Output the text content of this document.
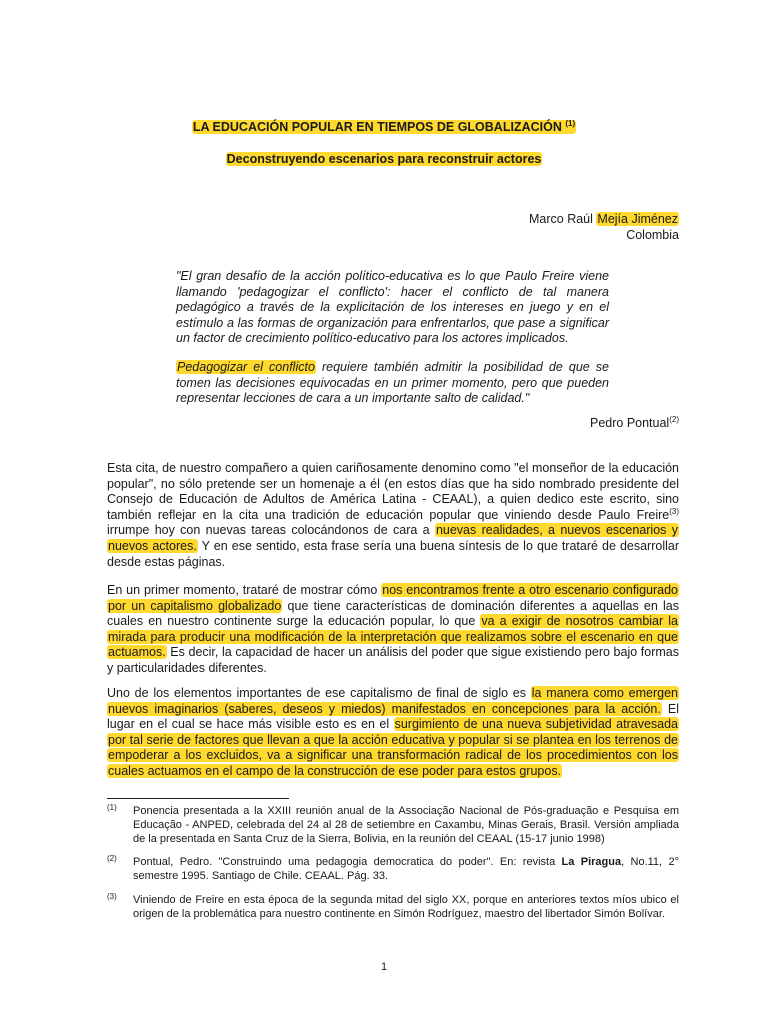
LA EDUCACIÓN POPULAR EN TIEMPOS DE GLOBALIZACIÓN $^{(1)}$
Deconstruyendo escenarios para reconstruir actores
Marco Raúl Mejía Jiménez
Colombia
"El gran desafío de la acción político-educativa es lo que Paulo Freire viene llamando 'pedagogizar el conflicto': hacer el conflicto de tal manera pedagógico a través de la explicitación de los intereses en juego y en el estímulo a las formas de organización para enfrentarlos, que pase a significar un factor de crecimiento político-educativo para los actores implicados.
Pedagogizar el conflicto requiere también admitir la posibilidad de que se tomen las decisiones equivocadas en un primer momento, pero que pueden representar lecciones de cara a un importante salto de calidad."
Pedro Pontual$^{(2)}$
Esta cita, de nuestro compañero a quien cariñosamente denomino como "el monseñor de la educación popular", no sólo pretende ser un homenaje a él (en estos días que ha sido nombrado presidente del Consejo de Educación de Adultos de América Latina - CEAAL), a quien dedico este escrito, sino también reflejar en la cita una tradición de educación popular que viniendo desde Paulo Freire$^{(3)}$ irrumpe hoy con nuevas tareas colocándonos de cara a nuevas realidades, a nuevos escenarios y nuevos actores. Y en ese sentido, esta frase sería una buena síntesis de lo que trataré de desarrollar desde estas páginas.
En un primer momento, trataré de mostrar cómo nos encontramos frente a otro escenario configurado por un capitalismo globalizado que tiene características de dominación diferentes a aquellas en las cuales en nuestro continente surge la educación popular, lo que va a exigir de nosotros cambiar la mirada para producir una modificación de la interpretación que realizamos sobre el escenario en que actuamos. Es decir, la capacidad de hacer un análisis del poder que sigue existiendo pero bajo formas y particularidades diferentes.
Uno de los elementos importantes de ese capitalismo de final de siglo es la manera como emergen nuevos imaginarios (saberes, deseos y miedos) manifestados en concepciones para la acción. El lugar en el cual se hace más visible esto es en el surgimiento de una nueva subjetividad atravesada por tal serie de factores que llevan a que la acción educativa y popular si se plantea en los terrenos de empoderar a los excluidos, va a significar una transformación radical de los procedimientos con los cuales actuamos en el campo de la construcción de ese poder para estos grupos.
(1) Ponencia presentada a la XXIII reunión anual de la Associação Nacional de Pós-graduação e Pesquisa em Educação - ANPED, celebrada del 24 al 28 de setiembre en Caxambu, Minas Gerais, Brasil. Versión ampliada de la presentada en Santa Cruz de la Sierra, Bolivia, en la reunión del CEAAL (15-17 junio 1998)
(2) Pontual, Pedro. "Construindo uma pedagogia democratica do poder". En: revista La Piragua, No.11, 2° semestre 1995. Santiago de Chile. CEAAL. Pág. 33.
(3) Viniendo de Freire en esta época de la segunda mitad del siglo XX, porque en anteriores textos míos ubico el origen de la problemática para nuestro continente en Simón Rodríguez, maestro del libertador Simón Bolívar.
1
